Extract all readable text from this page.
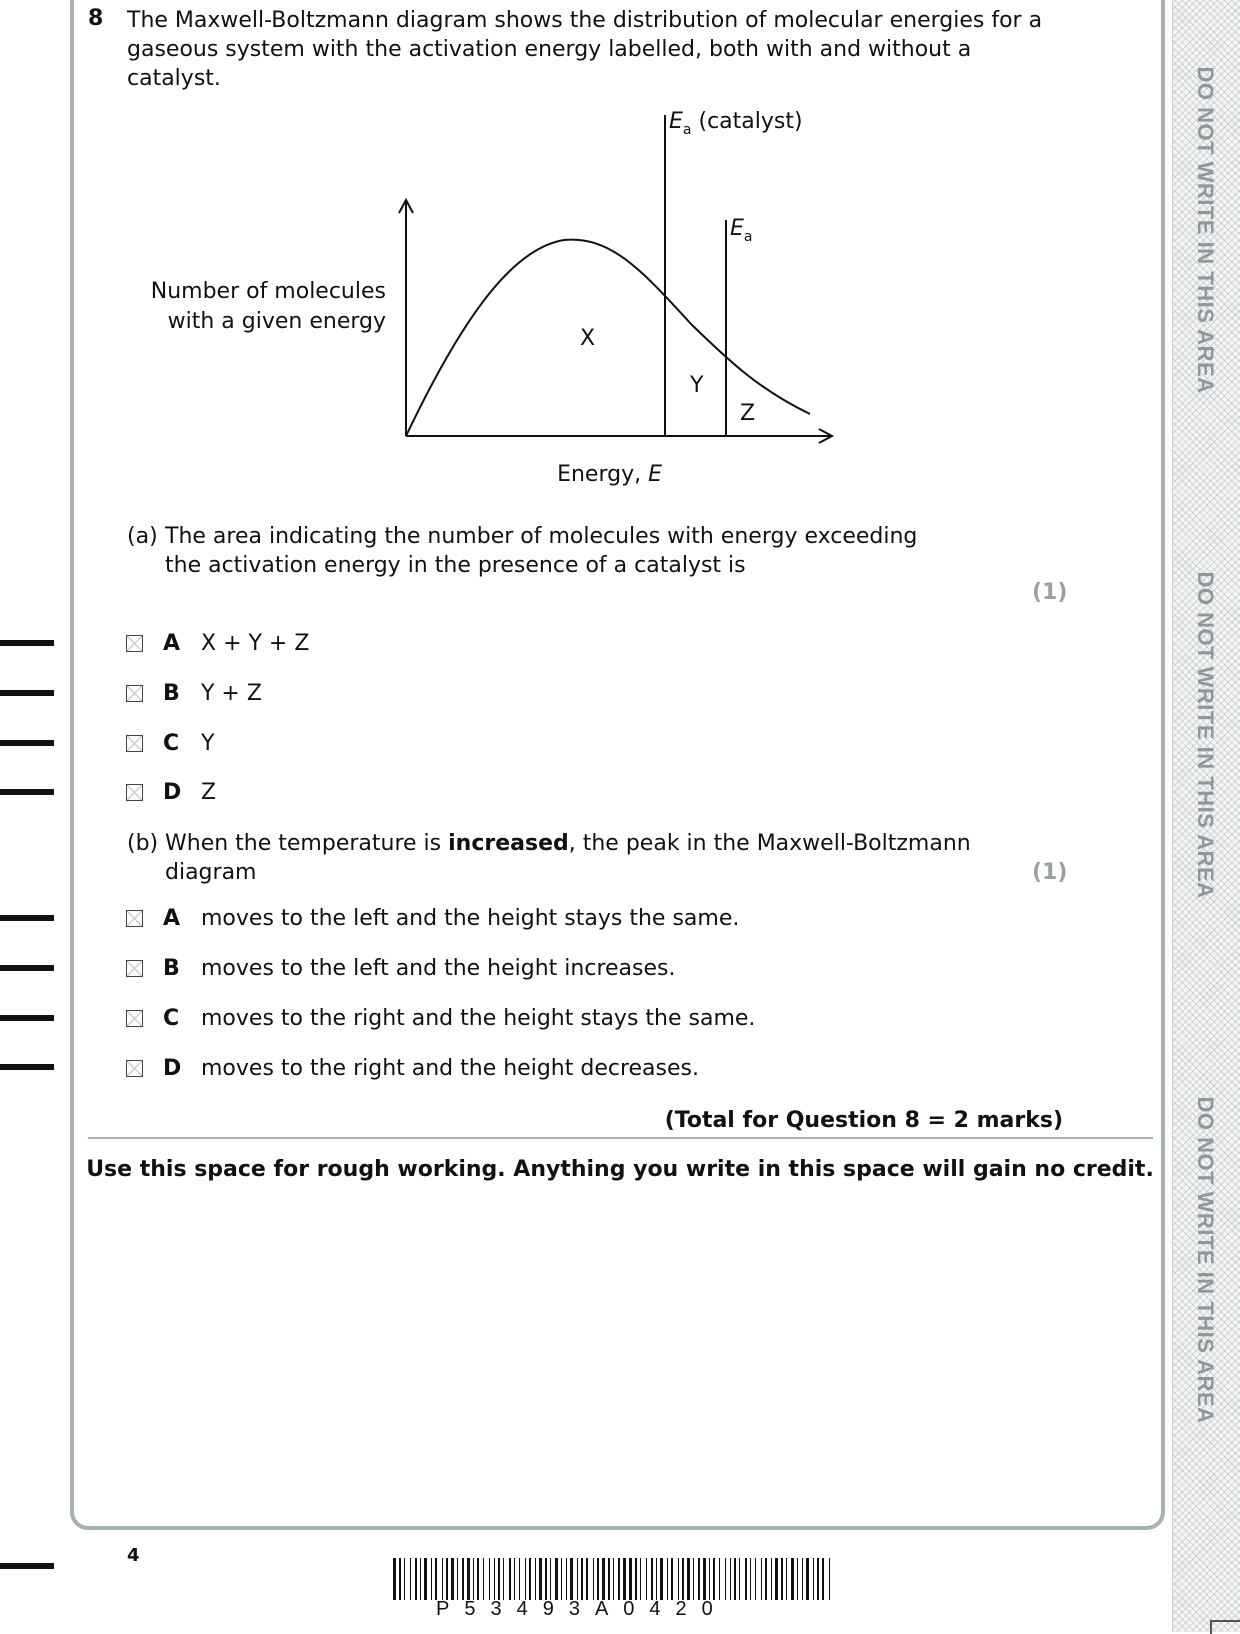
DO NOT WRITE IN THIS AREA
DO NOT WRITE IN THIS AREA
DO NOT WRITE IN THIS AREA
8 The Maxwell-Boltzmann diagram shows the distribution of molecular energies for a gaseous system with the activation energy labelled, both with and without a catalyst.
Number of molecules
with a given energy
Energy, E
$E_a$ (catalyst)
$E_a$
X
Y
Z
(a) The area indicating the number of molecules with energy exceeding the activation energy in the presence of a catalyst is
(1)
A X + Y + Z
B Y + Z
C Y
D Z
(b) When the temperature is increased, the peak in the Maxwell-Boltzmann diagram	(1)
A moves to the left and the height stays the same.
B moves to the left and the height increases.
C moves to the right and the height stays the same.
D moves to the right and the height decreases.
(Total for Question 8 = 2 marks)
Use this space for rough working. Anything you write in this space will gain no credit.
4
P53493A0420
